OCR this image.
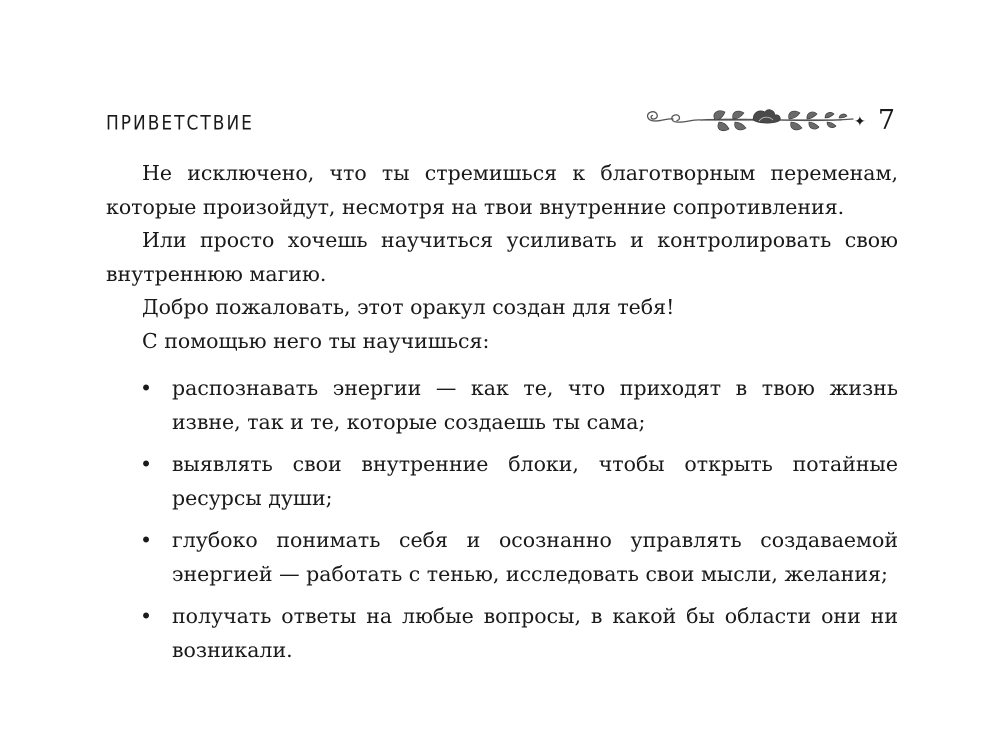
ПРИВЕТСТВИЕ	✦ 7

Не исключено, что ты стремишься к благотворным переменам, которые произойдут, несмотря на твои внутренние сопротивления.

Или просто хочешь научиться усиливать и контролировать свою внутреннюю магию.

Добро пожаловать, этот оракул создан для тебя!

С помощью него ты научишься:

• распознавать энергии — как те, что приходят в твою жизнь извне, так и те, которые создаешь ты сама;
• выявлять свои внутренние блоки, чтобы открыть потайные ресурсы души;
• глубоко понимать себя и осознанно управлять создаваемой энергией — работать с тенью, исследовать свои мысли, желания;
• получать ответы на любые вопросы, в какой бы области они ни возникали.
